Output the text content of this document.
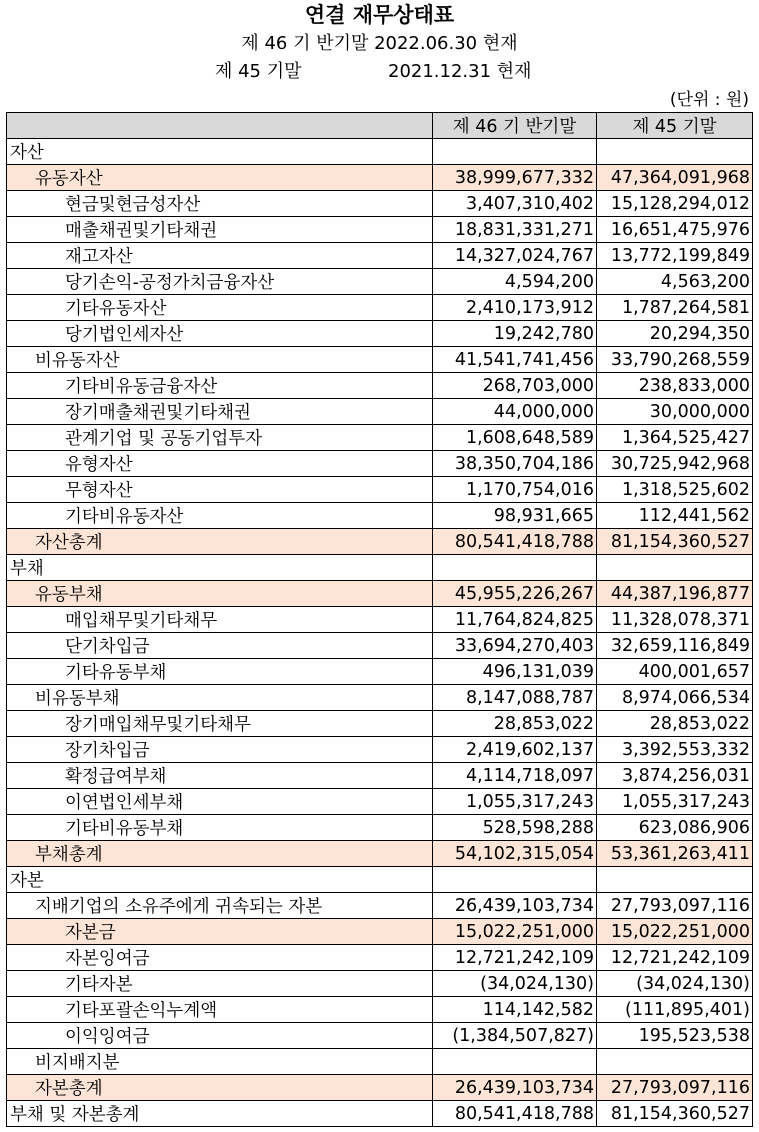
연결 재무상태표
제 46 기 반기말 2022.06.30 현재
제 45 기말	2021.12.31 현재
(단위 : 원)
	제 46 기 반기말	제 45 기말
자산		
유동자산	38,999,677,332	47,364,091,968
현금및현금성자산	3,407,310,402	15,128,294,012
매출채권및기타채권	18,831,331,271	16,651,475,976
재고자산	14,327,024,767	13,772,199,849
당기손익-공정가치금융자산	4,594,200	4,563,200
기타유동자산	2,410,173,912	1,787,264,581
당기법인세자산	19,242,780	20,294,350
비유동자산	41,541,741,456	33,790,268,559
기타비유동금융자산	268,703,000	238,833,000
장기매출채권및기타채권	44,000,000	30,000,000
관계기업 및 공동기업투자	1,608,648,589	1,364,525,427
유형자산	38,350,704,186	30,725,942,968
무형자산	1,170,754,016	1,318,525,602
기타비유동자산	98,931,665	112,441,562
자산총계	80,541,418,788	81,154,360,527
부채		
유동부채	45,955,226,267	44,387,196,877
매입채무및기타채무	11,764,824,825	11,328,078,371
단기차입금	33,694,270,403	32,659,116,849
기타유동부채	496,131,039	400,001,657
비유동부채	8,147,088,787	8,974,066,534
장기매입채무및기타채무	28,853,022	28,853,022
장기차입금	2,419,602,137	3,392,553,332
확정급여부채	4,114,718,097	3,874,256,031
이연법인세부채	1,055,317,243	1,055,317,243
기타비유동부채	528,598,288	623,086,906
부채총계	54,102,315,054	53,361,263,411
자본		
지배기업의 소유주에게 귀속되는 자본	26,439,103,734	27,793,097,116
자본금	15,022,251,000	15,022,251,000
자본잉여금	12,721,242,109	12,721,242,109
기타자본	(34,024,130)	(34,024,130)
기타포괄손익누계액	114,142,582	(111,895,401)
이익잉여금	(1,384,507,827)	195,523,538
비지배지분		
자본총계	26,439,103,734	27,793,097,116
부채 및 자본총계	80,541,418,788	81,154,360,527
